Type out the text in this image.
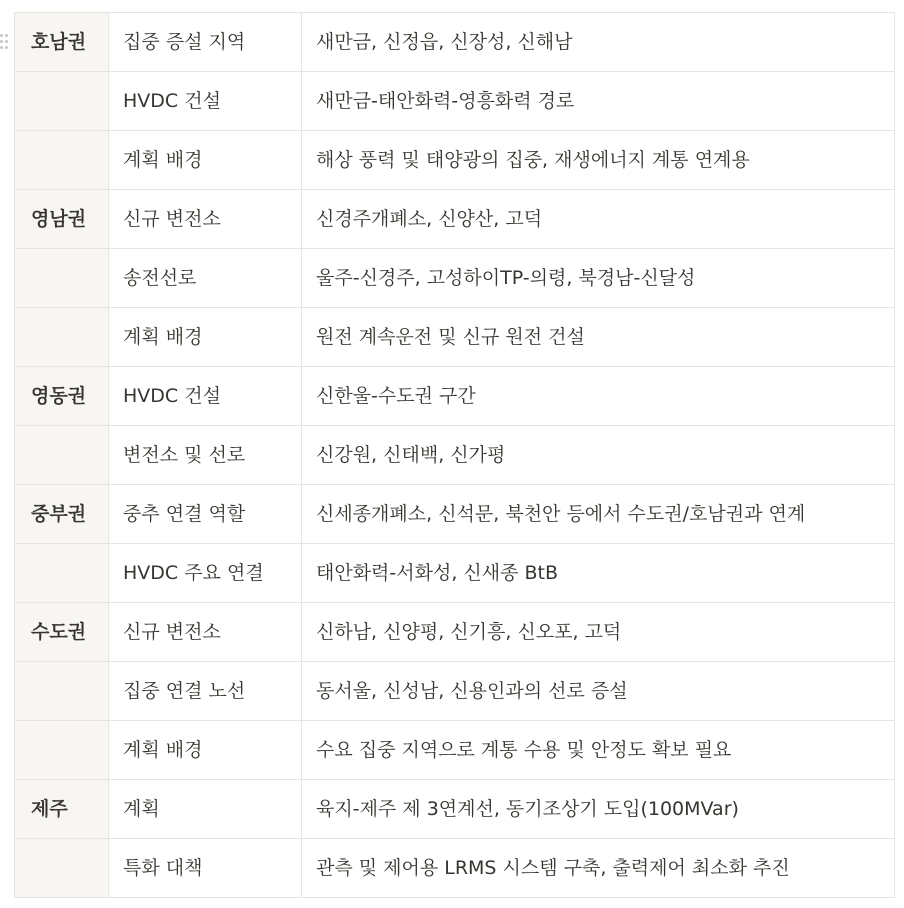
호남권	집중 증설 지역	새만금, 신정읍, 신장성, 신해남
	HVDC 건설	새만금-태안화력-영흥화력 경로
	계획 배경	해상 풍력 및 태양광의 집중, 재생에너지 계통 연계용
영남권	신규 변전소	신경주개폐소, 신양산, 고덕
	송전선로	울주-신경주, 고성하이TP-의령, 북경남-신달성
	계획 배경	원전 계속운전 및 신규 원전 건설
영동권	HVDC 건설	신한울-수도권 구간
	변전소 및 선로	신강원, 신태백, 신가평
중부권	중추 연결 역할	신세종개폐소, 신석문, 북천안 등에서 수도권/호남권과 연계
	HVDC 주요 연결	태안화력-서화성, 신새종 BtB
수도권	신규 변전소	신하남, 신양평, 신기흥, 신오포, 고덕
	집중 연결 노선	동서울, 신성남, 신용인과의 선로 증설
	계획 배경	수요 집중 지역으로 계통 수용 및 안정도 확보 필요
제주	계획	육지-제주 제 3연계선, 동기조상기 도입(100MVar)
	특화 대책	관측 및 제어용 LRMS 시스템 구축, 출력제어 최소화 추진
